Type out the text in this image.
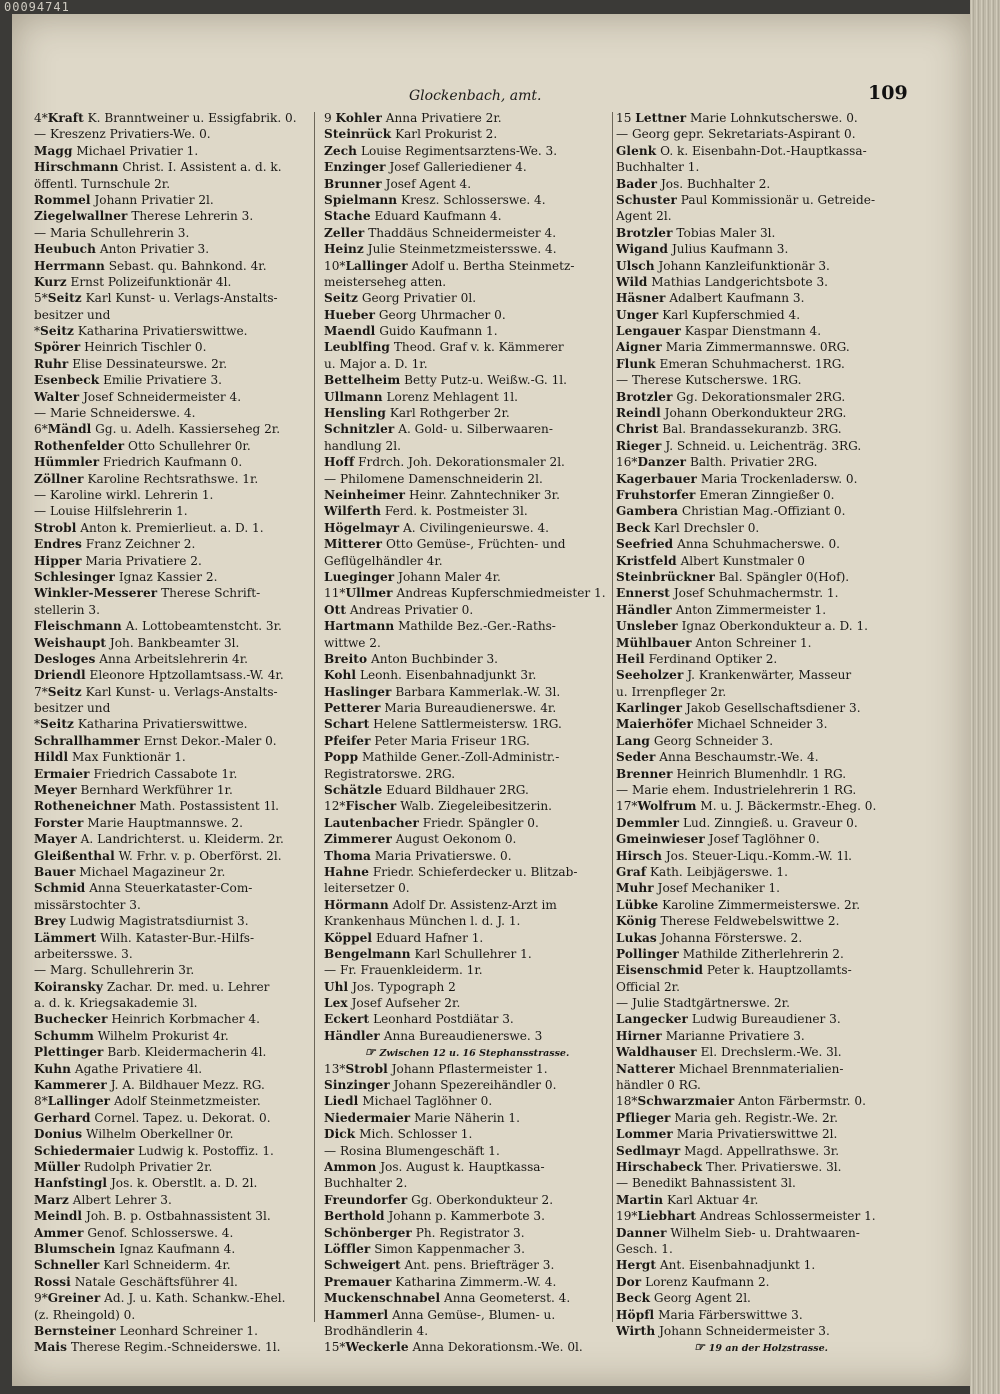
00094741
Glockenbach, amt.	109
4*Kraft K. Branntweiner u. Essigfabrik. 0.
— Kreszenz Privatiers-We. 0.
Magg Michael Privatier 1.
Hirschmann Christ. I. Assistent a. d. k.
öffentl. Turnschule 2r.
Rommel Johann Privatier 2l.
Ziegelwallner Therese Lehrerin 3.
— Maria Schullehrerin 3.
Heubuch Anton Privatier 3.
Herrmann Sebast. qu. Bahnkond. 4r.
Kurz Ernst Polizeifunktionär 4l.
5*Seitz Karl Kunst- u. Verlags-Anstalts-
besitzer und
*Seitz Katharina Privatierswittwe.
Spörer Heinrich Tischler 0.
Ruhr Elise Dessinateurswe. 2r.
Esenbeck Emilie Privatiere 3.
Walter Josef Schneidermeister 4.
— Marie Schneiderswe. 4.
6*Mändl Gg. u. Adelh. Kassierseheg 2r.
Rothenfelder Otto Schullehrer 0r.
Hümmler Friedrich Kaufmann 0.
Zöllner Karoline Rechtsrathswe. 1r.
— Karoline wirkl. Lehrerin 1.
— Louise Hilfslehrerin 1.
Strobl Anton k. Premierlieut. a. D. 1.
Endres Franz Zeichner 2.
Hipper Maria Privatiere 2.
Schlesinger Ignaz Kassier 2.
Winkler-Messerer Therese Schrift-
stellerin 3.
Fleischmann A. Lottobeamtenstcht. 3r.
Weishaupt Joh. Bankbeamter 3l.
Desloges Anna Arbeitslehrerin 4r.
Driendl Eleonore Hptzollamtsass.-W. 4r.
7*Seitz Karl Kunst- u. Verlags-Anstalts-
besitzer und
*Seitz Katharina Privatierswittwe.
Schrallhammer Ernst Dekor.-Maler 0.
Hildl Max Funktionär 1.
Ermaier Friedrich Cassabote 1r.
Meyer Bernhard Werkführer 1r.
Rotheneichner Math. Postassistent 1l.
Forster Marie Hauptmannswe. 2.
Mayer A. Landrichterst. u. Kleiderm. 2r.
Gleißenthal W. Frhr. v. p. Oberförst. 2l.
Bauer Michael Magazineur 2r.
Schmid Anna Steuerkataster-Com-
missärstochter 3.
Brey Ludwig Magistratsdiurnist 3.
Lämmert Wilh. Kataster-Bur.-Hilfs-
arbeitersswe. 3.
— Marg. Schullehrerin 3r.
Koiransky Zachar. Dr. med. u. Lehrer
a. d. k. Kriegsakademie 3l.
Buchecker Heinrich Korbmacher 4.
Schumm Wilhelm Prokurist 4r.
Plettinger Barb. Kleidermacherin 4l.
Kuhn Agathe Privatiere 4l.
Kammerer J. A. Bildhauer Mezz. RG.
8*Lallinger Adolf Steinmetzmeister.
Gerhard Cornel. Tapez. u. Dekorat. 0.
Donius Wilhelm Oberkellner 0r.
Schiedermaier Ludwig k. Postoffiz. 1.
Müller Rudolph Privatier 2r.
Hanfstingl Jos. k. Oberstlt. a. D. 2l.
Marz Albert Lehrer 3.
Meindl Joh. B. p. Ostbahnassistent 3l.
Ammer Genof. Schlosserswe. 4.
Blumschein Ignaz Kaufmann 4.
Schneller Karl Schneiderm. 4r.
Rossi Natale Geschäftsführer 4l.
9*Greiner Ad. J. u. Kath. Schankw.-Ehel.
(z. Rheingold) 0.
Bernsteiner Leonhard Schreiner 1.
Mais Therese Regim.-Schneiderswe. 1l.
9 Kohler Anna Privatiere 2r.
Steinrück Karl Prokurist 2.
Zech Louise Regimentsarztens-We. 3.
Enzinger Josef Galleriediener 4.
Brunner Josef Agent 4.
Spielmann Kresz. Schlosserswe. 4.
Stache Eduard Kaufmann 4.
Zeller Thaddäus Schneidermeister 4.
Heinz Julie Steinmetzmeistersswe. 4.
10*Lallinger Adolf u. Bertha Steinmetz-
meisterseheg atten.
Seitz Georg Privatier 0l.
Hueber Georg Uhrmacher 0.
Maendl Guido Kaufmann 1.
Leublfing Theod. Graf v. k. Kämmerer
u. Major a. D. 1r.
Bettelheim Betty Putz-u. Weißw.-G. 1l.
Ullmann Lorenz Mehlagent 1l.
Hensling Karl Rothgerber 2r.
Schnitzler A. Gold- u. Silberwaaren-
handlung 2l.
Hoff Frdrch. Joh. Dekorationsmaler 2l.
— Philomene Damenschneiderin 2l.
Neinheimer Heinr. Zahntechniker 3r.
Wilferth Ferd. k. Postmeister 3l.
Högelmayr A. Civilingenieurswe. 4.
Mitterer Otto Gemüse-, Früchten- und
Geflügelhändler 4r.
Lueginger Johann Maler 4r.
11*Ullmer Andreas Kupferschmiedmeister 1.
Ott Andreas Privatier 0.
Hartmann Mathilde Bez.-Ger.-Raths-
wittwe 2.
Breito Anton Buchbinder 3.
Kohl Leonh. Eisenbahnadjunkt 3r.
Haslinger Barbara Kammerlak.-W. 3l.
Petterer Maria Bureaudienerswe. 4r.
Schart Helene Sattlermeistersw. 1RG.
Pfeifer Peter Maria Friseur 1RG.
Popp Mathilde Gener.-Zoll-Administr.-
Registratorswe. 2RG.
Schätzle Eduard Bildhauer 2RG.
12*Fischer Walb. Ziegeleibesitzerin.
Lautenbacher Friedr. Spängler 0.
Zimmerer August Oekonom 0.
Thoma Maria Privatierswe. 0.
Hahne Friedr. Schieferdecker u. Blitzab-
leitersetzer 0.
Hörmann Adolf Dr. Assistenz-Arzt im
Krankenhaus München l. d. J. 1.
Köppel Eduard Hafner 1.
Bengelmann Karl Schullehrer 1.
— Fr. Frauenkleiderm. 1r.
Uhl Jos. Typograph 2
Lex Josef Aufseher 2r.
Eckert Leonhard Postdiätar 3.
Händler Anna Bureaudienerswe. 3
☞ Zwischen 12 u. 16 Stephansstrasse.
13*Strobl Johann Pflastermeister 1.
Sinzinger Johann Spezereihändler 0.
Liedl Michael Taglöhner 0.
Niedermaier Marie Näherin 1.
Dick Mich. Schlosser 1.
— Rosina Blumengeschäft 1.
Ammon Jos. August k. Hauptkassa-
Buchhalter 2.
Freundorfer Gg. Oberkondukteur 2.
Berthold Johann p. Kammerbote 3.
Schönberger Ph. Registrator 3.
Löffler Simon Kappenmacher 3.
Schweigert Ant. pens. Briefträger 3.
Premauer Katharina Zimmerm.-W. 4.
Muckenschnabel Anna Geometerst. 4.
Hammerl Anna Gemüse-, Blumen- u.
Brodhändlerin 4.
15*Weckerle Anna Dekorationsm.-We. 0l.
15 Lettner Marie Lohnkutscherswe. 0.
— Georg gepr. Sekretariats-Aspirant 0.
Glenk O. k. Eisenbahn-Dot.-Hauptkassa-
Buchhalter 1.
Bader Jos. Buchhalter 2.
Schuster Paul Kommissionär u. Getreide-
Agent 2l.
Brotzler Tobias Maler 3l.
Wigand Julius Kaufmann 3.
Ulsch Johann Kanzleifunktionär 3.
Wild Mathias Landgerichtsbote 3.
Häsner Adalbert Kaufmann 3.
Unger Karl Kupferschmied 4.
Lengauer Kaspar Dienstmann 4.
Aigner Maria Zimmermannswe. 0RG.
Flunk Emeran Schuhmacherst. 1RG.
— Therese Kutscherswe. 1RG.
Brotzler Gg. Dekorationsmaler 2RG.
Reindl Johann Oberkondukteur 2RG.
Christ Bal. Brandassekuranzb. 3RG.
Rieger J. Schneid. u. Leichenträg. 3RG.
16*Danzer Balth. Privatier 2RG.
Kagerbauer Maria Trockenladersw. 0.
Fruhstorfer Emeran Zinngießer 0.
Gambera Christian Mag.-Offiziant 0.
Beck Karl Drechsler 0.
Seefried Anna Schuhmacherswe. 0.
Kristfeld Albert Kunstmaler 0
Steinbrückner Bal. Spängler 0(Hof).
Ennerst Josef Schuhmachermstr. 1.
Händler Anton Zimmermeister 1.
Unsleber Ignaz Oberkondukteur a. D. 1.
Mühlbauer Anton Schreiner 1.
Heil Ferdinand Optiker 2.
Seeholzer J. Krankenwärter, Masseur
u. Irrenpfleger 2r.
Karlinger Jakob Gesellschaftsdiener 3.
Maierhöfer Michael Schneider 3.
Lang Georg Schneider 3.
Seder Anna Beschaumstr.-We. 4.
Brenner Heinrich Blumenhdlr. 1 RG.
— Marie ehem. Industrielehrerin 1 RG.
17*Wolfrum M. u. J. Bäckermstr.-Eheg. 0.
Demmler Lud. Zinngieß. u. Graveur 0.
Gmeinwieser Josef Taglöhner 0.
Hirsch Jos. Steuer-Liqu.-Komm.-W. 1l.
Graf Kath. Leibjägerswe. 1.
Muhr Josef Mechaniker 1.
Lübke Karoline Zimmermeisterswe. 2r.
König Therese Feldwebelswittwe 2.
Lukas Johanna Försterswe. 2.
Pollinger Mathilde Zitherlehrerin 2.
Eisenschmid Peter k. Hauptzollamts-
Official 2r.
— Julie Stadtgärtnerswe. 2r.
Langecker Ludwig Bureaudiener 3.
Hirner Marianne Privatiere 3.
Waldhauser El. Drechslerm.-We. 3l.
Natterer Michael Brennmaterialien-
händler 0 RG.
18*Schwarzmaier Anton Färbermstr. 0.
Pflieger Maria geh. Registr.-We. 2r.
Lommer Maria Privatierswittwe 2l.
Sedlmayr Magd. Appellrathswe. 3r.
Hirschabeck Ther. Privatierswe. 3l.
— Benedikt Bahnassistent 3l.
Martin Karl Aktuar 4r.
19*Liebhart Andreas Schlossermeister 1.
Danner Wilhelm Sieb- u. Drahtwaaren-
Gesch. 1.
Hergt Ant. Eisenbahnadjunkt 1.
Dor Lorenz Kaufmann 2.
Beck Georg Agent 2l.
Höpfl Maria Färberswittwe 3.
Wirth Johann Schneidermeister 3.
☞ 19 an der Holzstrasse.
